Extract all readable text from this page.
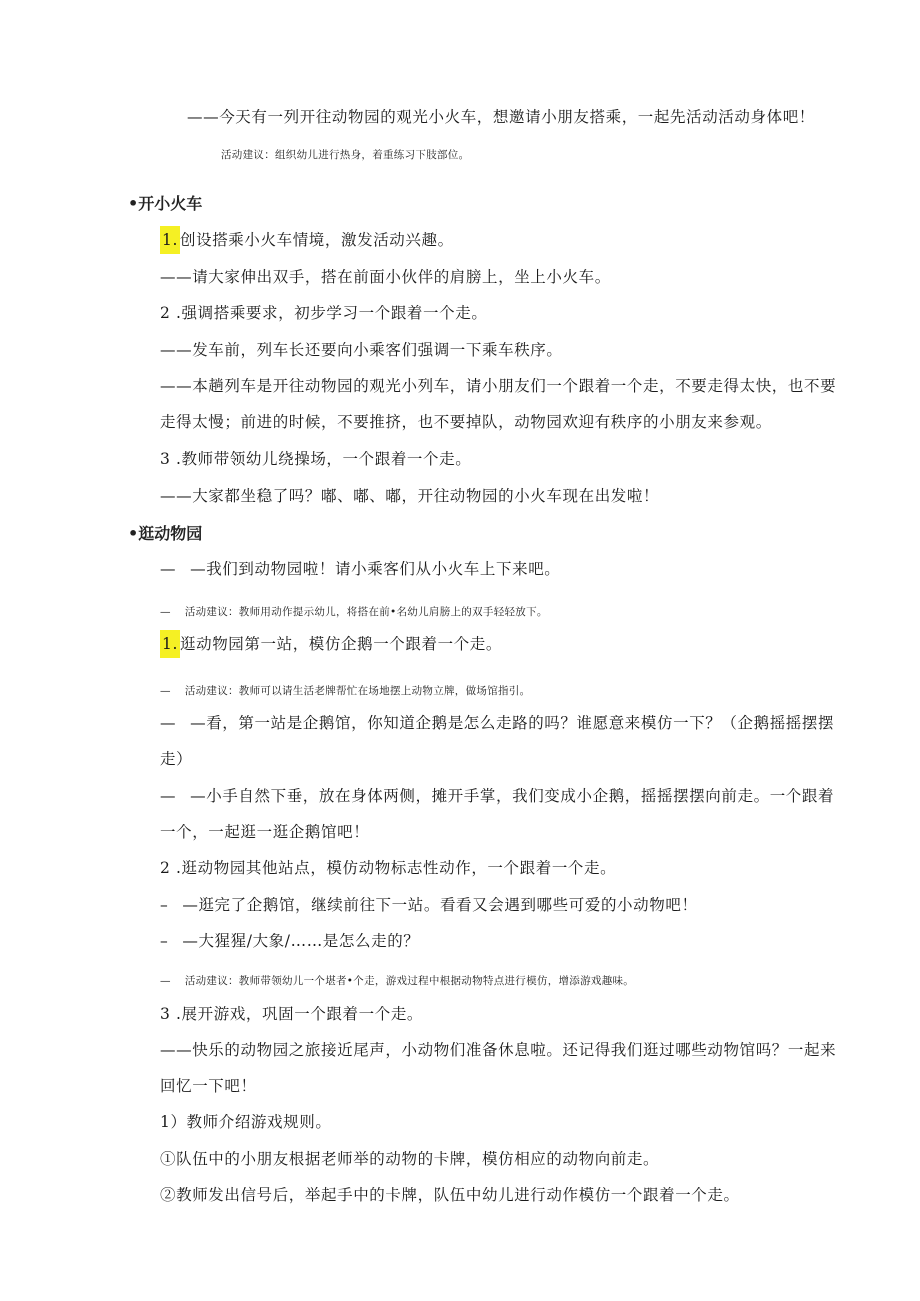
——今天有一列开往动物园的观光小火车，想邀请小朋友搭乘，一起先活动活动身体吧！

活动建议：组织幼儿进行热身，着重练习下肢部位。

•开小火车

1. 创设搭乘小火车情境，激发活动兴趣。

——请大家伸出双手，搭在前面小伙伴的肩膀上，坐上小火车。

2 .强调搭乘要求，初步学习一个跟着一个走。

——发车前，列车长还要向小乘客们强调一下乘车秩序。

——本趟列车是开往动物园的观光小列车，请小朋友们一个跟着一个走，不要走得太快，也不要

走得太慢；前进的时候，不要推挤，也不要掉队，动物园欢迎有秩序的小朋友来参观。

3 .教师带领幼儿绕操场，一个跟着一个走。

——大家都坐稳了吗？嘟、嘟、嘟，开往动物园的小火车现在出发啦！

•逛动物园

— —我们到动物园啦！请小乘客们从小火车上下来吧。

— 活动建议：教师用动作提示幼儿，将搭在前•名幼儿肩膀上的双手轻轻放下。

1. 逛动物园第一站，模仿企鹅一个跟着一个走。

— 活动建议：教师可以请生活老牌帮忙在场地摆上动物立牌，做场馆指引。

— —看，第一站是企鹅馆，你知道企鹅是怎么走路的吗？谁愿意来模仿一下？（企鹅摇摇摆摆

走）

— —小手自然下垂，放在身体两侧，摊开手掌，我们变成小企鹅，摇摇摆摆向前走。一个跟着

一个，一起逛一逛企鹅馆吧！

2 .逛动物园其他站点，模仿动物标志性动作，一个跟着一个走。

– —逛完了企鹅馆，继续前往下一站。看看又会遇到哪些可爱的小动物吧！

– —大猩猩/大象/……是怎么走的？

— 活动建议：教师带领幼儿一个堪者•个走，游戏过程中根据动物特点进行模仿，增添游戏趣味。

3 .展开游戏，巩固一个跟着一个走。

——快乐的动物园之旅接近尾声，小动物们准备休息啦。还记得我们逛过哪些动物馆吗？一起来

回忆一下吧！

1）教师介绍游戏规则。

①队伍中的小朋友根据老师举的动物的卡牌，模仿相应的动物向前走。

②教师发出信号后，举起手中的卡牌，队伍中幼儿进行动作模仿一个跟着一个走。
